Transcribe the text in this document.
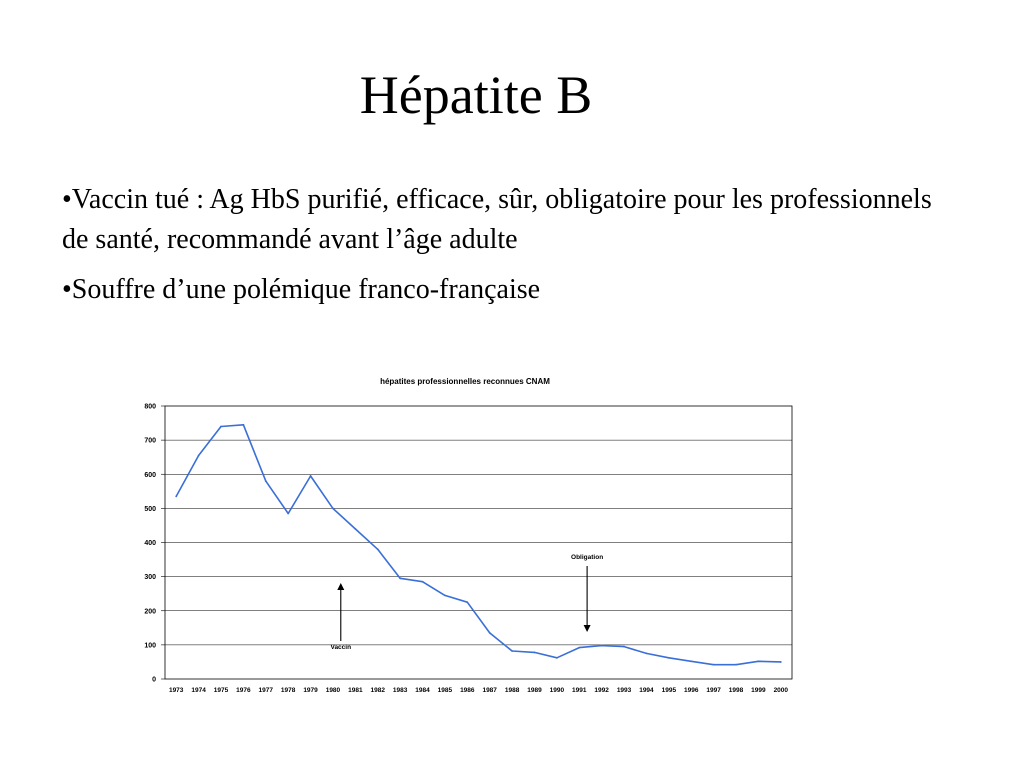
Hépatite B
•Vaccin tué : Ag HbS purifié, efficace, sûr, obligatoire pour les professionnels de santé, recommandé avant l’âge adulte
•Souffre d’une polémique franco-française
hépatites professionnelles reconnues CNAM
0
100
200
300
400
500
600
700
800
1973 1974 1975 1976 1977 1978 1979 1980 1981 1982 1983 1984 1985 1986 1987 1988 1989 1990 1991 1992 1993 1994 1995 1996 1997 1998 1999 2000
Vaccin
Obligation
